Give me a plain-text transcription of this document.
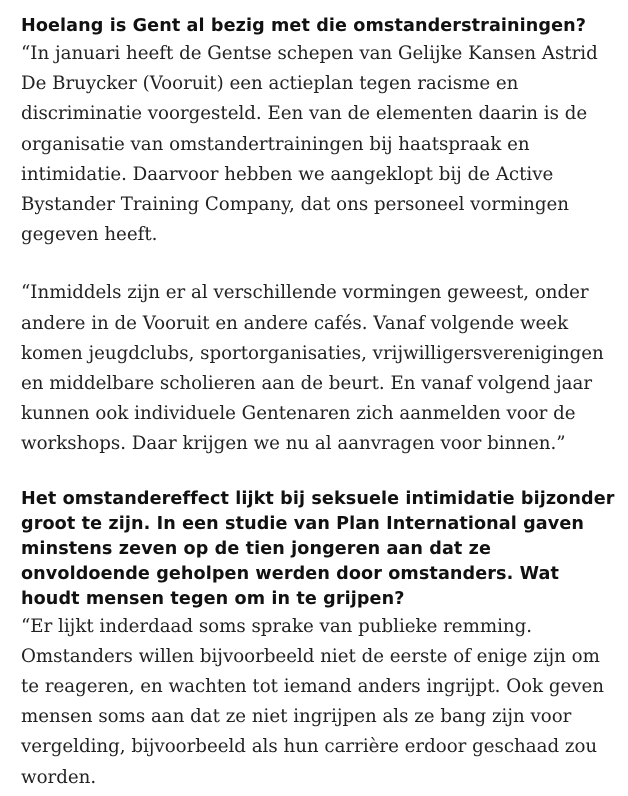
Hoelang is Gent al bezig met die omstanderstrainingen?

“In januari heeft de Gentse schepen van Gelijke Kansen Astrid De Bruycker (Vooruit) een actieplan tegen racisme en discriminatie voorgesteld. Een van de elementen daarin is de organisatie van omstandertrainingen bij haatspraak en intimidatie. Daarvoor hebben we aangeklopt bij de Active Bystander Training Company, dat ons personeel vormingen gegeven heeft.

“Inmiddels zijn er al verschillende vormingen geweest, onder andere in de Vooruit en andere cafés. Vanaf volgende week komen jeugdclubs, sportorganisaties, vrijwilligersverenigingen en middelbare scholieren aan de beurt. En vanaf volgend jaar kunnen ook individuele Gentenaren zich aanmelden voor de workshops. Daar krijgen we nu al aanvragen voor binnen.”

Het omstandereffect lijkt bij seksuele intimidatie bijzonder groot te zijn. In een studie van Plan International gaven minstens zeven op de tien jongeren aan dat ze onvoldoende geholpen werden door omstanders. Wat houdt mensen tegen om in te grijpen?

“Er lijkt inderdaad soms sprake van publieke remming. Omstanders willen bijvoorbeeld niet de eerste of enige zijn om te reageren, en wachten tot iemand anders ingrijpt. Ook geven mensen soms aan dat ze niet ingrijpen als ze bang zijn voor vergelding, bijvoorbeeld als hun carrière erdoor geschaad zou worden.
